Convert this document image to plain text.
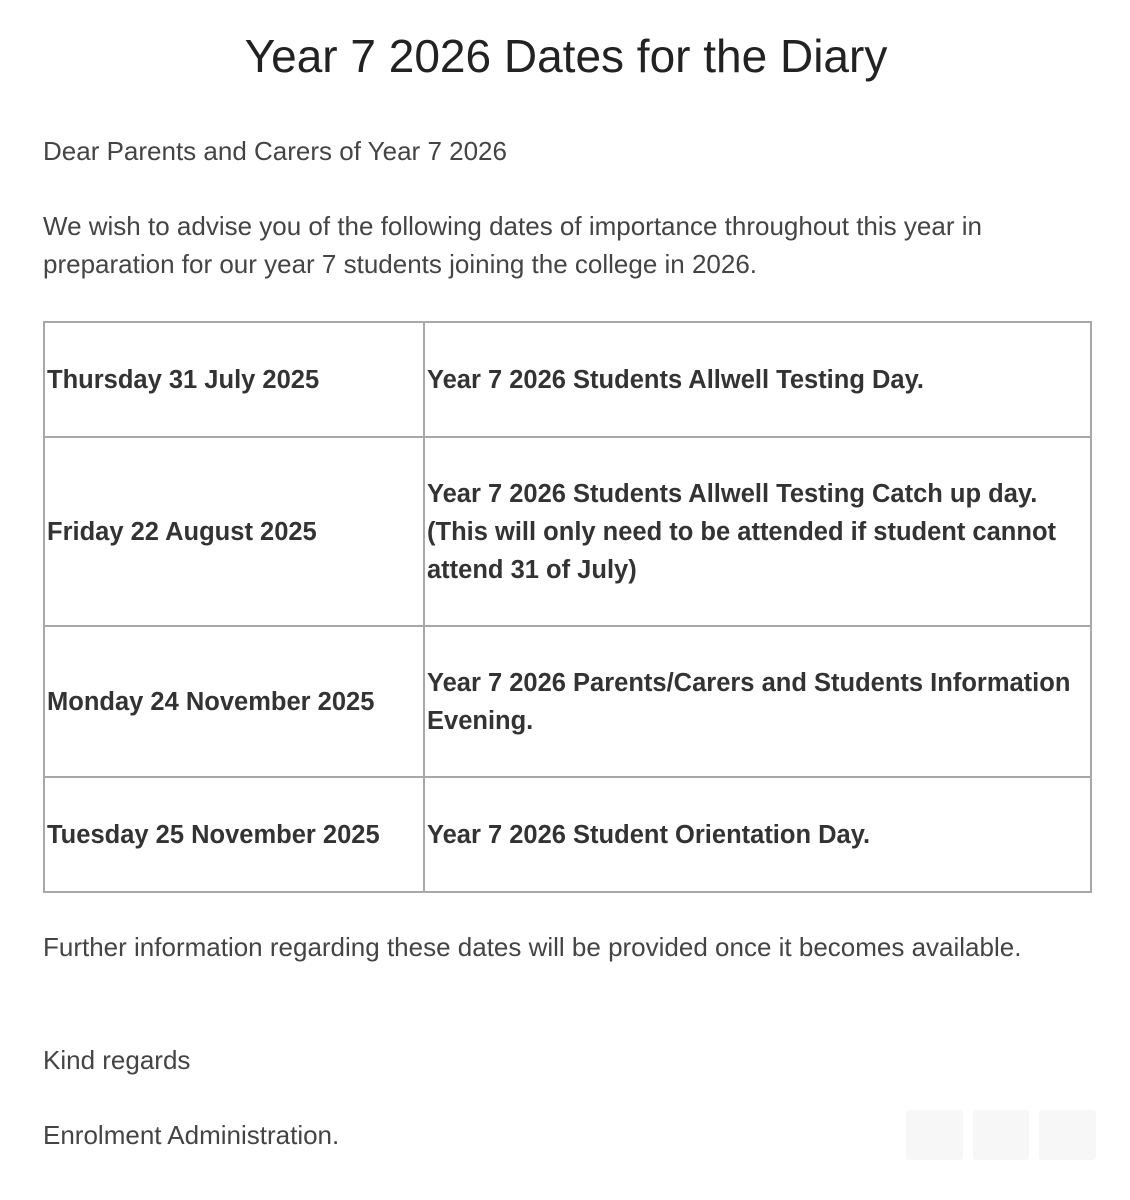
Year 7 2026 Dates for the Diary

Dear Parents and Carers of Year 7 2026

We wish to advise you of the following dates of importance throughout this year in preparation for our year 7 students joining the college in 2026.

Thursday 31 July 2025	Year 7 2026 Students Allwell Testing Day.
Friday 22 August 2025	Year 7 2026 Students Allwell Testing Catch up day. (This will only need to be attended if student cannot attend 31 of July)
Monday 24 November 2025	Year 7 2026 Parents/Carers and Students Information Evening.
Tuesday 25 November 2025	Year 7 2026 Student Orientation Day.

Further information regarding these dates will be provided once it becomes available.

Kind regards

Enrolment Administration.
